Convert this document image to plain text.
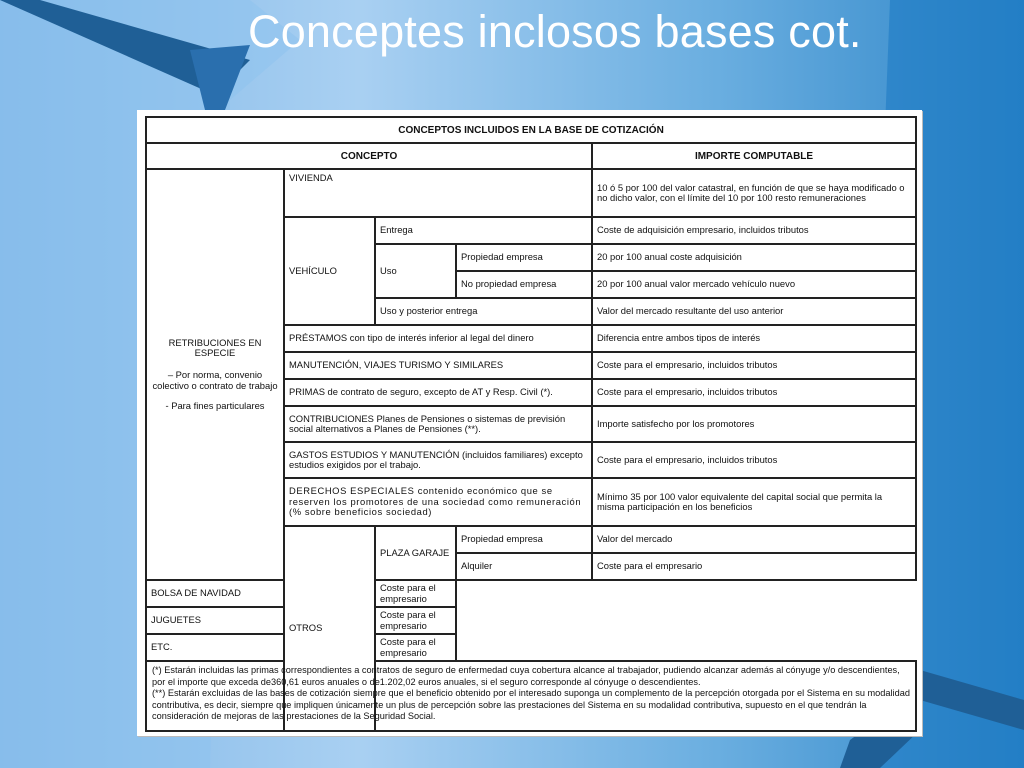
Conceptes inclosos bases cot.
CONCEPTOS INCLUIDOS EN LA BASE DE COTIZACIÓN				
CONCEPTO				IMPORTE COMPUTABLE

RETRIBUCIONES EN ESPECIE
– Por norma, convenio colectivo o contrato de trabajo
- Para fines particulares	VIVIENDA			10 ó 5 por 100 del valor catastral, en función de que se haya modificado o no dicho valor, con el límite del 10 por 100 resto remuneraciones
	VEHÍCULO	Entrega		Coste de adquisición empresario, incluidos tributos
		Uso	Propiedad empresa	20 por 100 anual coste adquisición
			No propiedad empresa	20 por 100 anual valor mercado vehículo nuevo
		Uso y posterior entrega		Valor del mercado resultante del uso anterior
	PRÉSTAMOS con tipo de interés inferior al legal del dinero			Diferencia entre ambos tipos de interés
	MANUTENCIÓN, VIAJES TURISMO Y SIMILARES			Coste para el empresario, incluidos tributos
	PRIMAS de contrato de seguro, excepto de AT y Resp. Civil (*).			Coste para el empresario, incluidos tributos
	CONTRIBUCIONES Planes de Pensiones o sistemas de previsión social alternativos a Planes de Pensiones (**).			Importe satisfecho por los promotores
	GASTOS ESTUDIOS Y MANUTENCIÓN (incluidos familiares) excepto estudios exigidos por el trabajo.			Coste para el empresario, incluidos tributos
	DERECHOS ESPECIALES contenido económico que se reserven los promotores de una sociedad como remuneración (% sobre beneficios sociedad)			Mínimo 35 por 100 valor equivalente del capital social que permita la misma participación en los beneficios
	OTROS	PLAZA GARAJE	Propiedad empresa	Valor del mercado
			Alquiler	Coste para el empresario
BOLSA DE NAVIDAD		Coste para el empresario		
JUGUETES		Coste para el empresario		
ETC.		Coste para el empresario		

(*) Estarán incluidas las primas correspondientes a contratos de seguro de enfermedad cuya cobertura alcance al trabajador, pudiendo alcanzar además al cónyuge y/o descendientes, por el importe que exceda de360,61 euros anuales o de1.202,02 euros anuales, si el seguro corresponde al cónyuge o descendientes.
(**) Estarán excluidas de las bases de cotización siempre que el beneficio obtenido por el interesado suponga un complemento de la percepción otorgada por el Sistema en su modalidad contributiva, es decir, siempre que impliquen únicamente un plus de percepción sobre las prestaciones del Sistema en su modalidad contributiva, supuesto en el que tendrán la consideración de mejoras de las prestaciones de la Seguridad Social.				
